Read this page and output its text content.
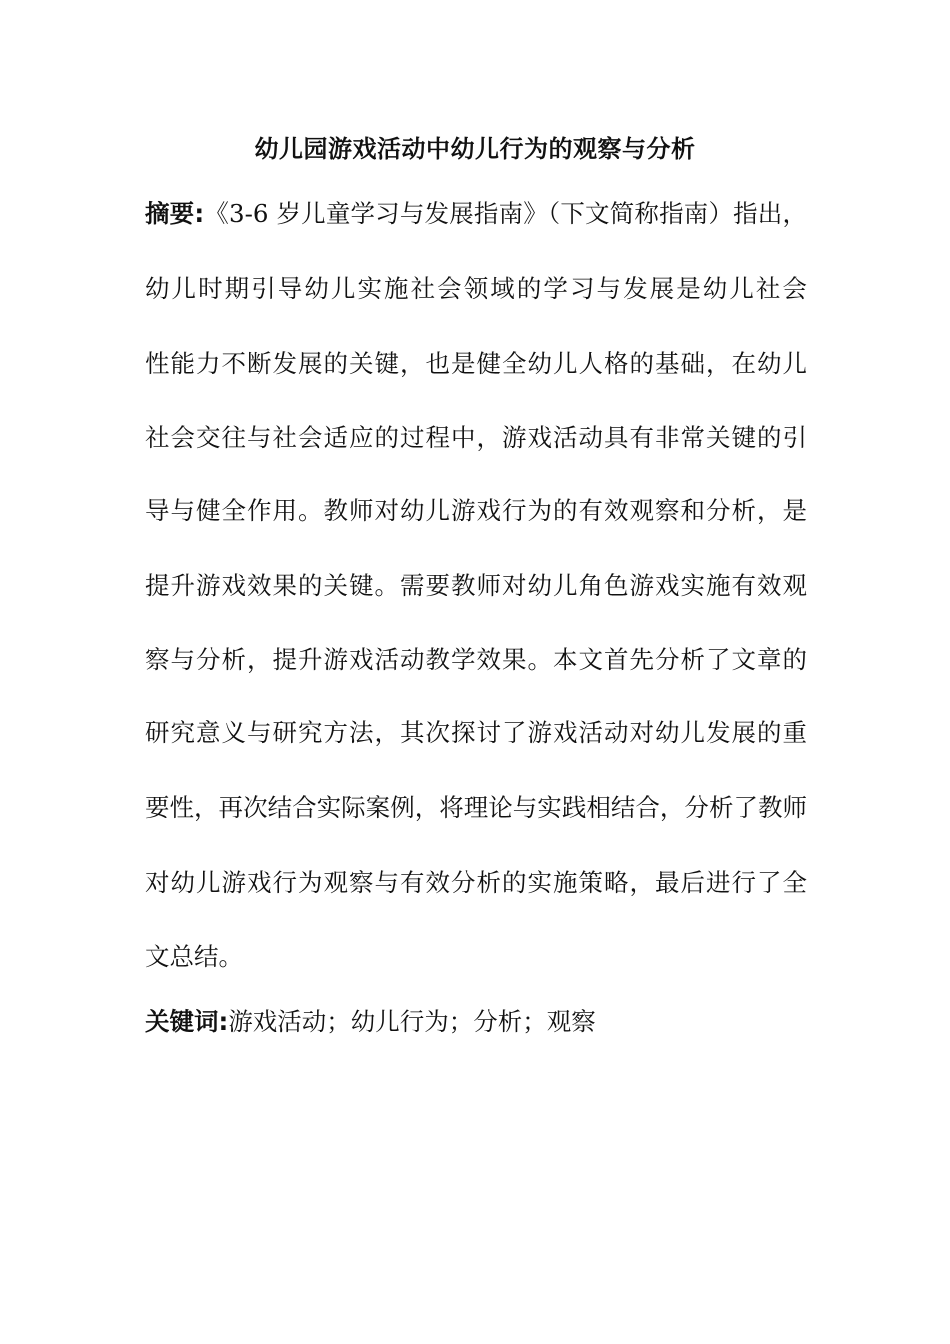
幼儿园游戏活动中幼儿行为的观察与分析
摘要:《3-6 岁儿童学习与发展指南》（下文简称指南）指出，
幼儿时期引导幼儿实施社会领域的学习与发展是幼儿社会
性能力不断发展的关键，也是健全幼儿人格的基础，在幼儿
社会交往与社会适应的过程中，游戏活动具有非常关键的引
导与健全作用。教师对幼儿游戏行为的有效观察和分析，是
提升游戏效果的关键。需要教师对幼儿角色游戏实施有效观
察与分析，提升游戏活动教学效果。本文首先分析了文章的
研究意义与研究方法，其次探讨了游戏活动对幼儿发展的重
要性，再次结合实际案例，将理论与实践相结合，分析了教师
对幼儿游戏行为观察与有效分析的实施策略，最后进行了全
文总结。
关键词:游戏活动；幼儿行为；分析；观察
